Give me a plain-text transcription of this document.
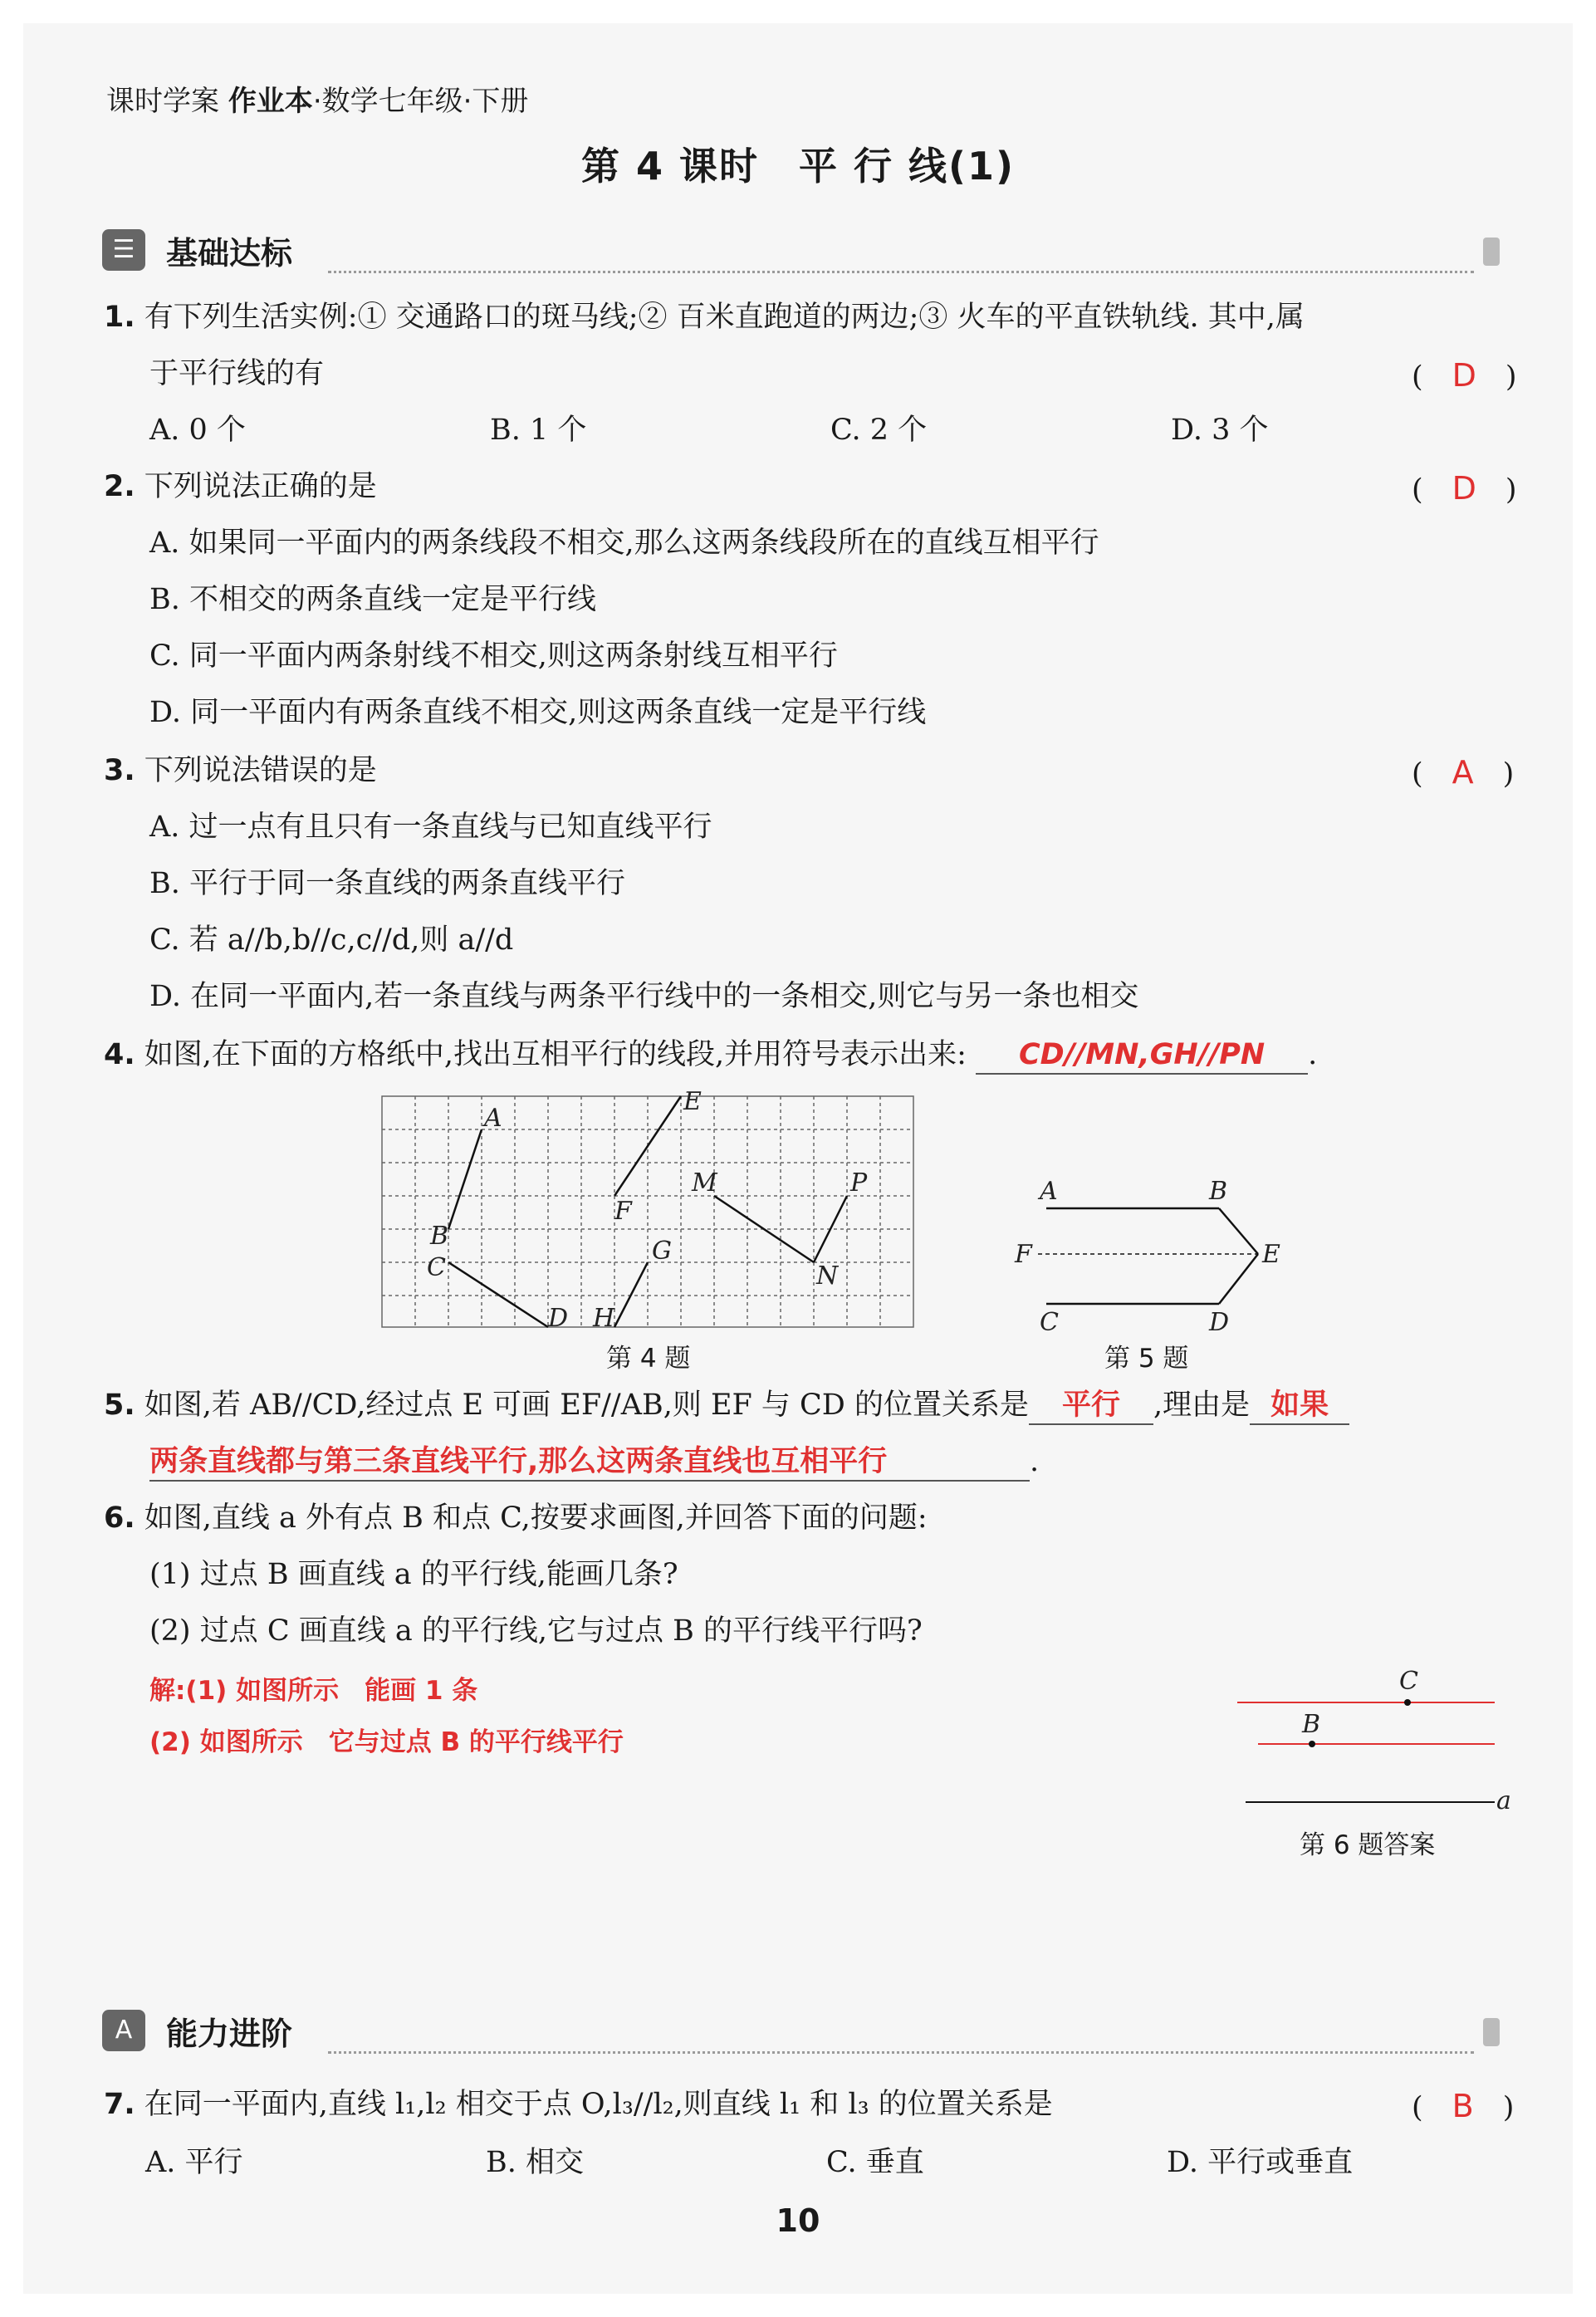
课时学案 作业本·数学七年级·下册
第 4 课时　平 行 线(1)
☰ 基础达标
1. 有下列生活实例:① 交通路口的斑马线;② 百米直跑道的两边;③ 火车的平直铁轨线. 其中,属
于平行线的有	(　D　)
A. 0 个	B. 1 个	C. 2 个	D. 3 个
2. 下列说法正确的是	(　D　)
A. 如果同一平面内的两条线段不相交,那么这两条线段所在的直线互相平行
B. 不相交的两条直线一定是平行线
C. 同一平面内两条射线不相交,则这两条射线互相平行
D. 同一平面内有两条直线不相交,则这两条直线一定是平行线
3. 下列说法错误的是	(　A　)
A. 过一点有且只有一条直线与已知直线平行
B. 平行于同一条直线的两条直线平行
C. 若 a//b,b//c,c//d,则 a//d
D. 在同一平面内,若一条直线与两条平行线中的一条相交,则它与另一条也相交
4. 如图,在下面的方格纸中,找出互相平行的线段,并用符号表示出来: CD//MN,GH//PN .
A
B
C
D
E
F
G
H
M
N
P
第 4 题
A	B
C	D
E
F
第 5 题
5. 如图,若 AB//CD,经过点 E 可画 EF//AB,则 EF 与 CD 的位置关系是 平行 ,理由是 如果
两条直线都与第三条直线平行,那么这两条直线也互相平行	.
6. 如图,直线 a 外有点 B 和点 C,按要求画图,并回答下面的问题:
(1) 过点 B 画直线 a 的平行线,能画几条?
(2) 过点 C 画直线 a 的平行线,它与过点 B 的平行线平行吗?
解:(1) 如图所示　能画 1 条
(2) 如图所示　它与过点 B 的平行线平行
C
B
a
第 6 题答案
A	能力进阶
7. 在同一平面内,直线 l₁,l₂ 相交于点 O,l₃//l₂,则直线 l₁ 和 l₃ 的位置关系是	(　B　)
A. 平行	B. 相交	C. 垂直	D. 平行或垂直
10
